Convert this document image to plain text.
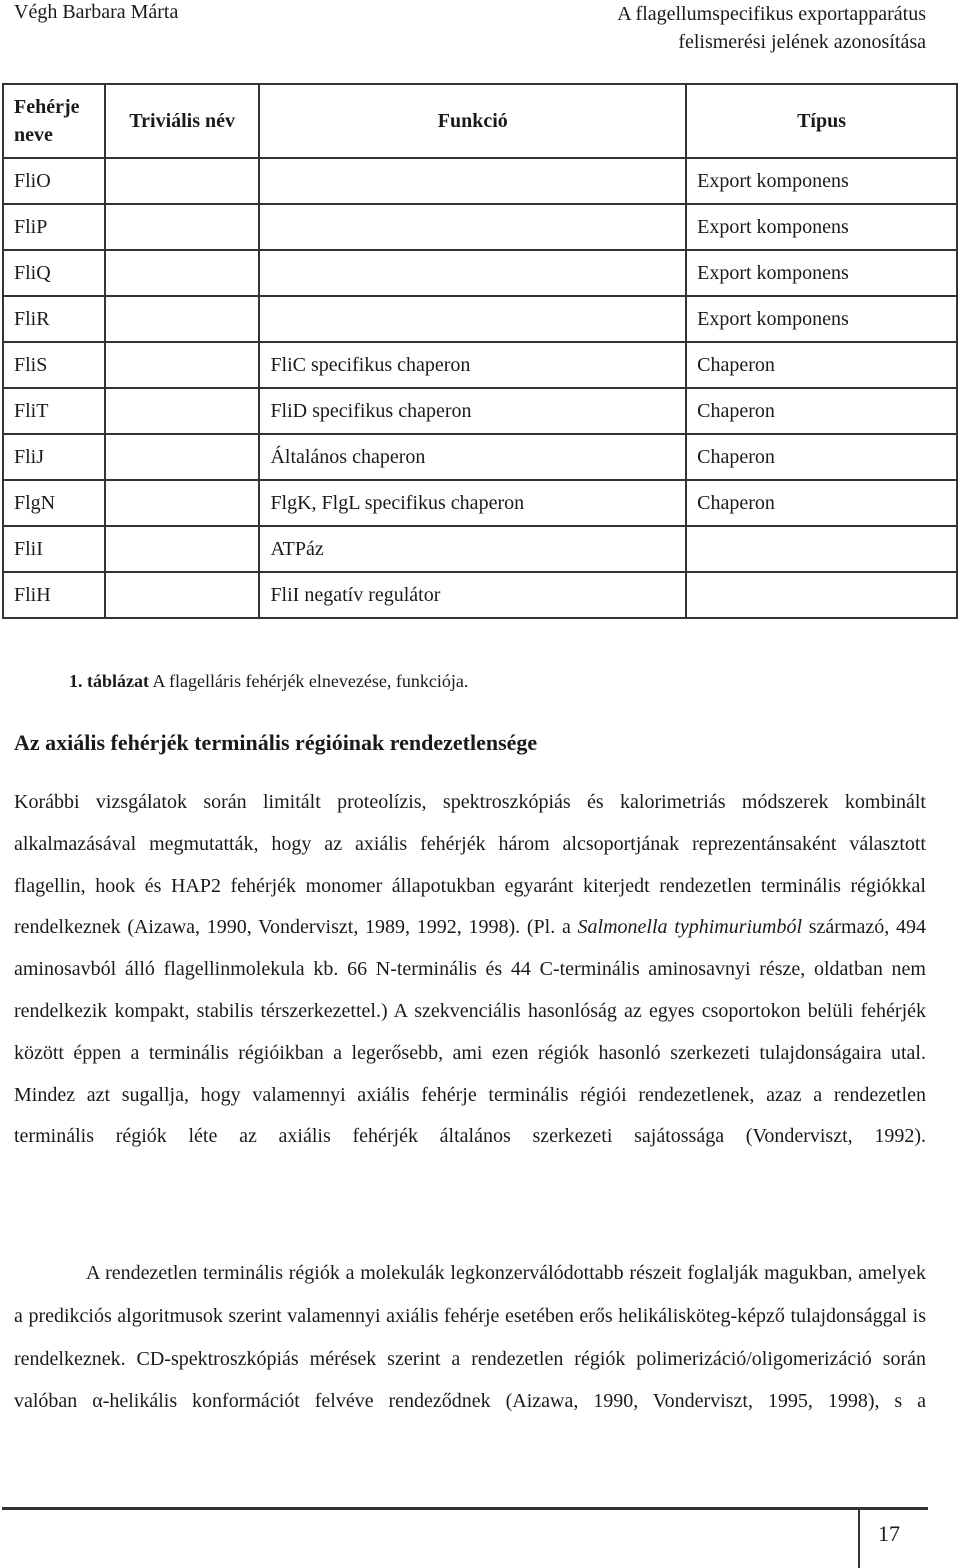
Végh Barbara Márta	A flagellumspecifikus exportapparátus
felismerési jelének azonosítása
Fehérje neve	Triviális név	Funkció	Típus
FliO			Export komponens
FliP			Export komponens
FliQ			Export komponens
FliR			Export komponens
FliS		FliC specifikus chaperon	Chaperon
FliT		FliD specifikus chaperon	Chaperon
FliJ		Általános chaperon	Chaperon
FlgN		FlgK, FlgL specifikus chaperon	Chaperon
FliI		ATPáz	
FliH		FliI negatív regulátor	
1. táblázat A flagelláris fehérjék elnevezése, funkciója.
Az axiális fehérjék terminális régióinak rendezetlensége

Korábbi vizsgálatok során limitált proteolízis, spektroszkópiás és kalorimetriás módszerek kombinált alkalmazásával megmutatták, hogy az axiális fehérjék három alcsoportjának reprezentánsaként választott flagellin, hook és HAP2 fehérjék monomer állapotukban egyaránt kiterjedt rendezetlen terminális régiókkal rendelkeznek (Aizawa, 1990, Vonderviszt, 1989, 1992, 1998). (Pl. a Salmonella typhimuriumból származó, 494 aminosavból álló flagellinmolekula kb. 66 N-terminális és 44 C-terminális aminosavnyi része, oldatban nem rendelkezik kompakt, stabilis térszerkezettel.) A szekvenciális hasonlóság az egyes csoportokon belüli fehérjék között éppen a terminális régióikban a legerősebb, ami ezen régiók hasonló szerkezeti tulajdonságaira utal. Mindez azt sugallja, hogy valamennyi axiális fehérje terminális régiói rendezetlenek, azaz a rendezetlen terminális régiók léte az axiális fehérjék általános szerkezeti sajátossága (Vonderviszt, 1992).

A rendezetlen terminális régiók a molekulák legkonzerválódottabb részeit foglalják magukban, amelyek a predikciós algoritmusok szerint valamennyi axiális fehérje esetében erős helikálisköteg-képző tulajdonsággal is rendelkeznek. CD-spektroszkópiás mérések szerint a rendezetlen régiók polimerizáció/oligomerizáció során valóban α-helikális konformációt felvéve rendeződnek (Aizawa, 1990, Vonderviszt, 1995, 1998), s a

17
